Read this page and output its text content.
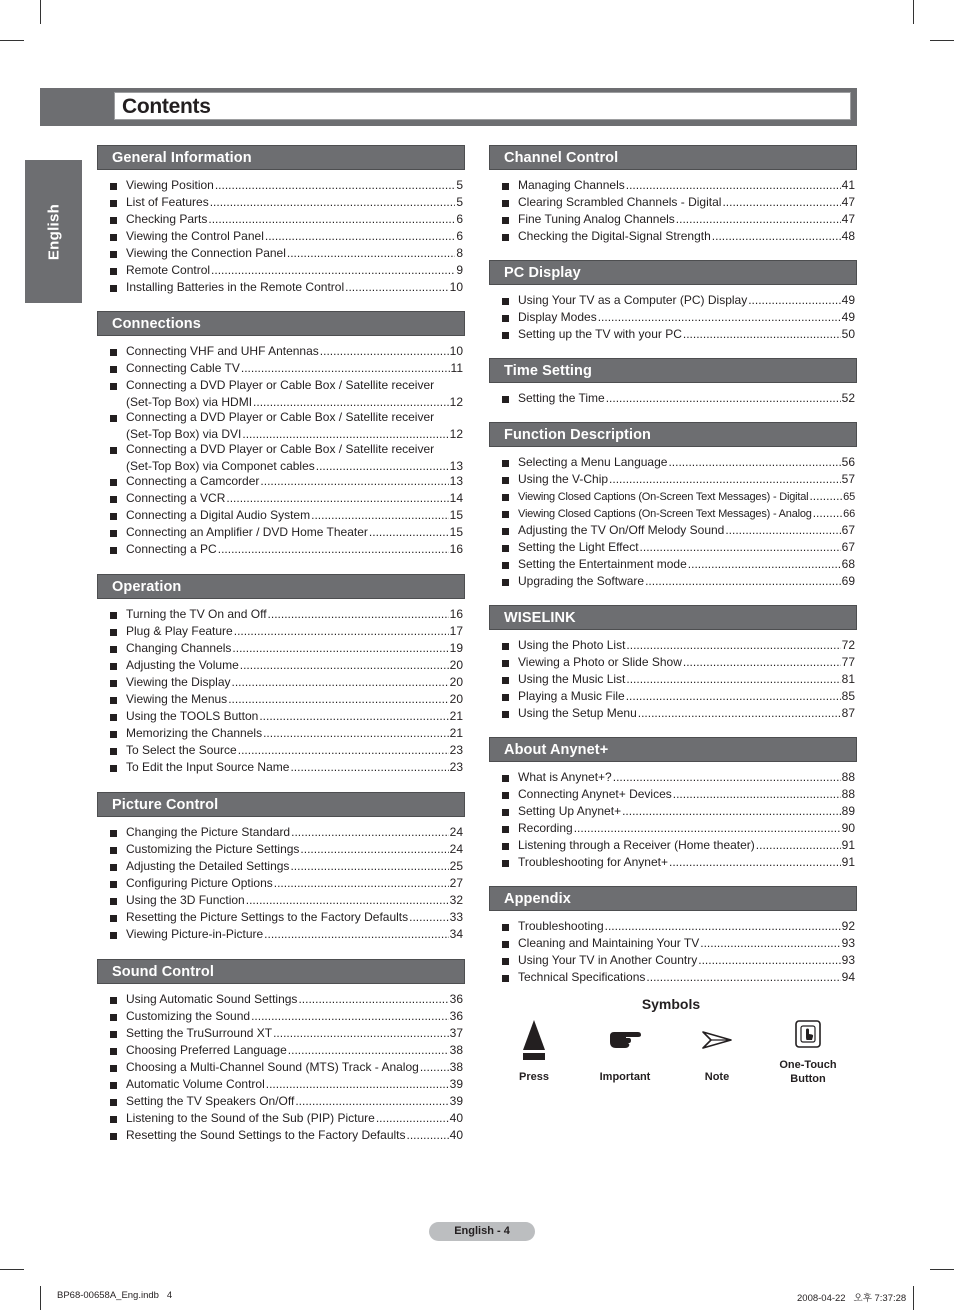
Contents
English
General Information
Viewing Position .....	5
List of Features .....	5
Checking Parts .....	6
Viewing the Control Panel .....	6
Viewing the Connection Panel .....	8
Remote Control .....	9
Installing Batteries in the Remote Control .....	10
Connections
Connecting VHF and UHF Antennas .....	10
Connecting Cable TV .....	11
Connecting a DVD Player or Cable Box / Satellite receiver
(Set-Top Box) via HDMI .....	12
Connecting a DVD Player or Cable Box / Satellite receiver
(Set-Top Box) via DVI .....	12
Connecting a DVD Player or Cable Box / Satellite receiver
(Set-Top Box) via Componet cables .....	13
Connecting a Camcorder .....	13
Connecting a VCR .....	14
Connecting a Digital Audio System .....	15
Connecting an Amplifier / DVD Home Theater .....	15
Connecting a PC .....	16
Operation
Turning the TV On and Off .....	16
Plug & Play Feature .....	17
Changing Channels .....	19
Adjusting the Volume .....	20
Viewing the Display .....	20
Viewing the Menus .....	20
Using the TOOLS Button .....	21
Memorizing the Channels .....	21
To Select the Source .....	23
To Edit the Input Source Name .....	23
Picture Control
Changing the Picture Standard .....	24
Customizing the Picture Settings .....	24
Adjusting the Detailed Settings .....	25
Configuring Picture Options .....	27
Using the 3D Function .....	32
Resetting the Picture Settings to the Factory Defaults .....	33
Viewing Picture-in-Picture .....	34
Sound Control
Using Automatic Sound Settings .....	36
Customizing the Sound .....	36
Setting the TruSurround XT .....	37
Choosing Preferred Language .....	38
Choosing a Multi-Channel Sound (MTS) Track - Analog .....	38
Automatic Volume Control .....	39
Setting the TV Speakers On/Off .....	39
Listening to the Sound of the Sub (PIP) Picture .....	40
Resetting the Sound Settings to the Factory Defaults .....	40
Channel Control
Managing Channels .....	41
Clearing Scrambled Channels - Digital .....	47
Fine Tuning Analog Channels .....	47
Checking the Digital-Signal Strength .....	48
PC Display
Using Your TV as a Computer (PC) Display .....	49
Display Modes .....	49
Setting up the TV with your PC .....	50
Time Setting
Setting the Time .....	52
Function Description
Selecting a Menu Language .....	56
Using the V-Chip .....	57
Viewing Closed Captions (On-Screen Text Messages) - Digital .....	65
Viewing Closed Captions (On-Screen Text Messages) - Analog .....	66
Adjusting the TV On/Off Melody Sound .....	67
Setting the Light Effect .....	67
Setting the Entertainment mode .....	68
Upgrading the Software .....	69
WISELINK
Using the Photo List .....	72
Viewing a Photo or Slide Show .....	77
Using the Music List .....	81
Playing a Music File .....	85
Using the Setup Menu .....	87
About Anynet+
What is Anynet+? .....	88
Connecting Anynet+ Devices .....	88
Setting Up Anynet+ .....	89
Recording .....	90
Listening through a Receiver (Home theater) .....	91
Troubleshooting for Anynet+ .....	91
Appendix
Troubleshooting .....	92
Cleaning and Maintaining Your TV .....	93
Using Your TV in Another Country .....	93
Technical Specifications .....	94
Symbols
Press	Important	Note
One-Touch
Button
English - 4
BP68-00658A_Eng.indb   4	2008-04-22   오후 7:37:28
